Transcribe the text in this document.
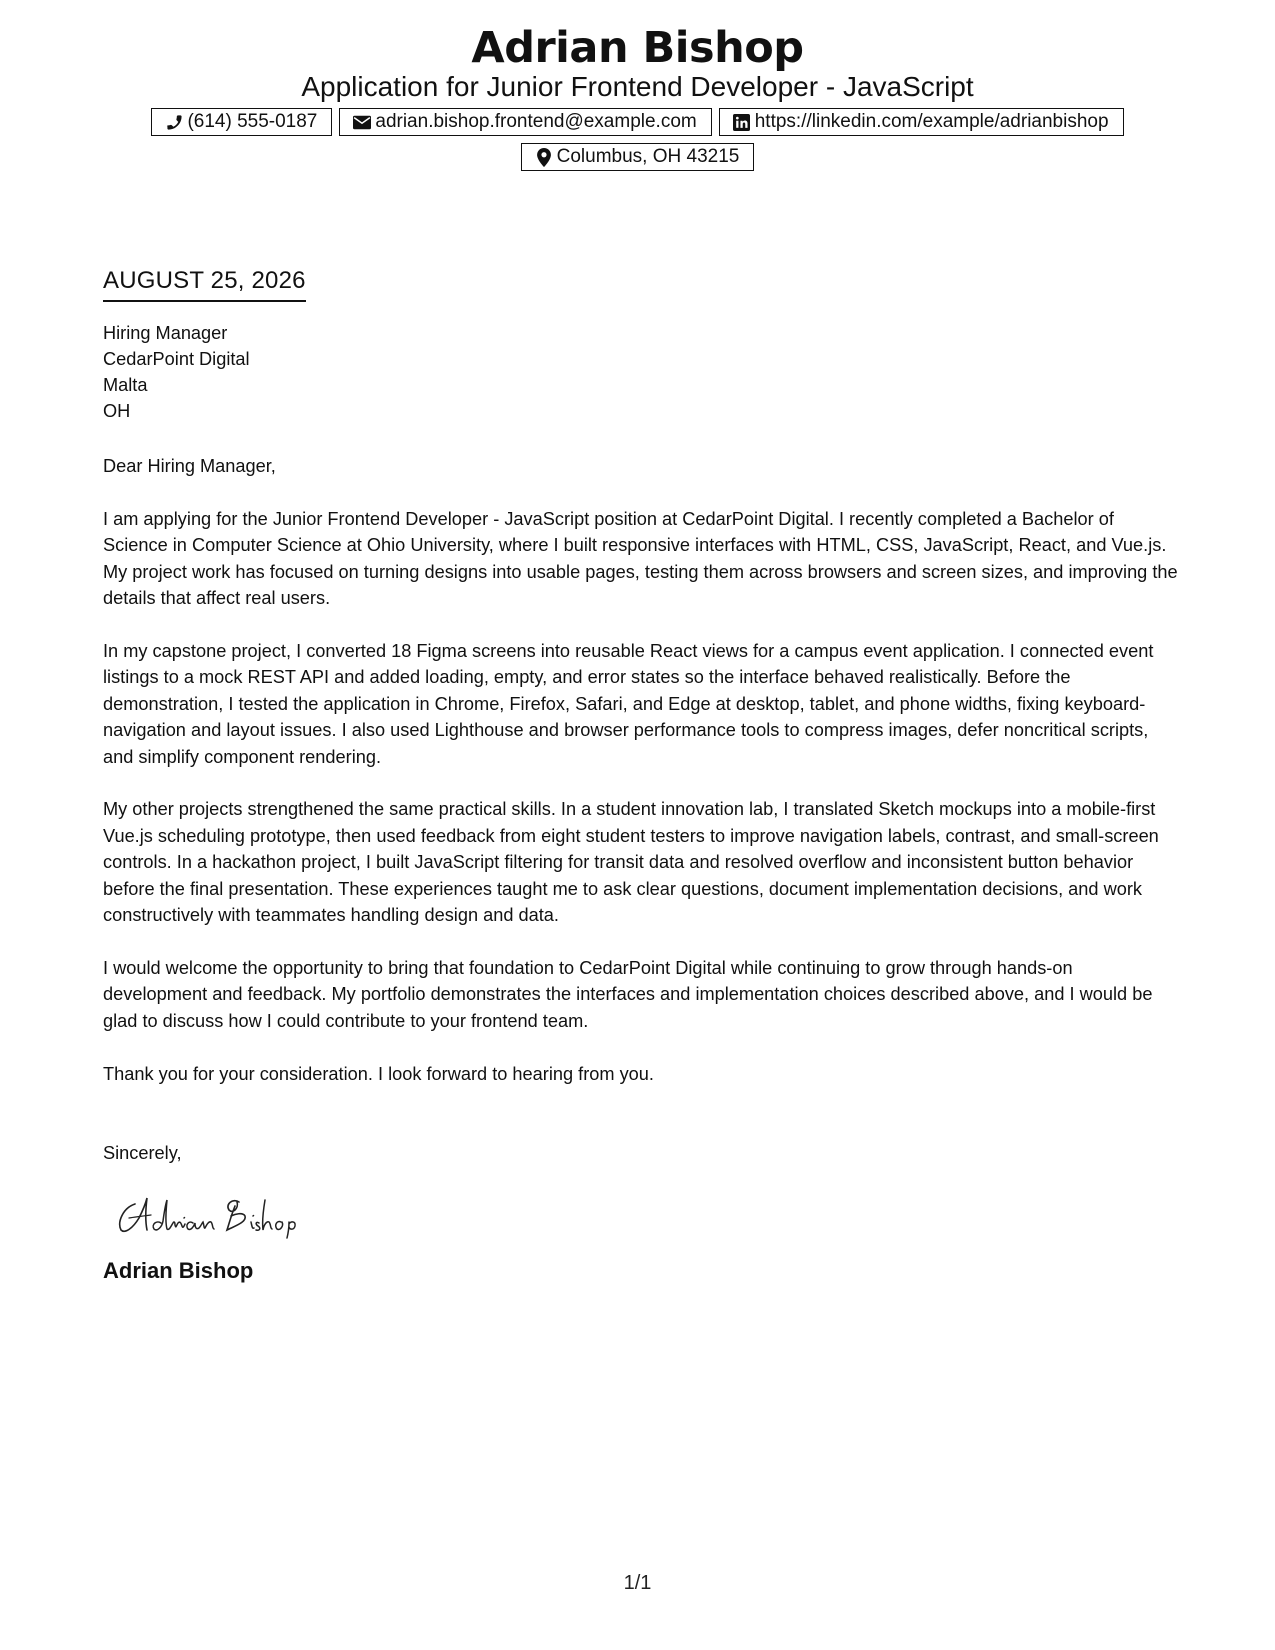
Adrian Bishop
Application for Junior Frontend Developer - JavaScript
(614) 555-0187	adrian.bishop.frontend@example.com	https://linkedin.com/example/adrianbishop
Columbus, OH 43215
AUGUST 25, 2026
Hiring Manager
CedarPoint Digital
Malta
OH
Dear Hiring Manager,
I am applying for the Junior Frontend Developer - JavaScript position at CedarPoint Digital. I recently completed a Bachelor of Science in Computer Science at Ohio University, where I built responsive interfaces with HTML, CSS, JavaScript, React, and Vue.js. My project work has focused on turning designs into usable pages, testing them across browsers and screen sizes, and improving the details that affect real users.
In my capstone project, I converted 18 Figma screens into reusable React views for a campus event application. I connected event listings to a mock REST API and added loading, empty, and error states so the interface behaved realistically. Before the demonstration, I tested the application in Chrome, Firefox, Safari, and Edge at desktop, tablet, and phone widths, fixing keyboard-navigation and layout issues. I also used Lighthouse and browser performance tools to compress images, defer noncritical scripts, and simplify component rendering.
My other projects strengthened the same practical skills. In a student innovation lab, I translated Sketch mockups into a mobile-first Vue.js scheduling prototype, then used feedback from eight student testers to improve navigation labels, contrast, and small-screen controls. In a hackathon project, I built JavaScript filtering for transit data and resolved overflow and inconsistent button behavior before the final presentation. These experiences taught me to ask clear questions, document implementation decisions, and work constructively with teammates handling design and data.
I would welcome the opportunity to bring that foundation to CedarPoint Digital while continuing to grow through hands-on development and feedback. My portfolio demonstrates the interfaces and implementation choices described above, and I would be glad to discuss how I could contribute to your frontend team.
Thank you for your consideration. I look forward to hearing from you.
Sincerely,
Adrian Bishop
1/1
